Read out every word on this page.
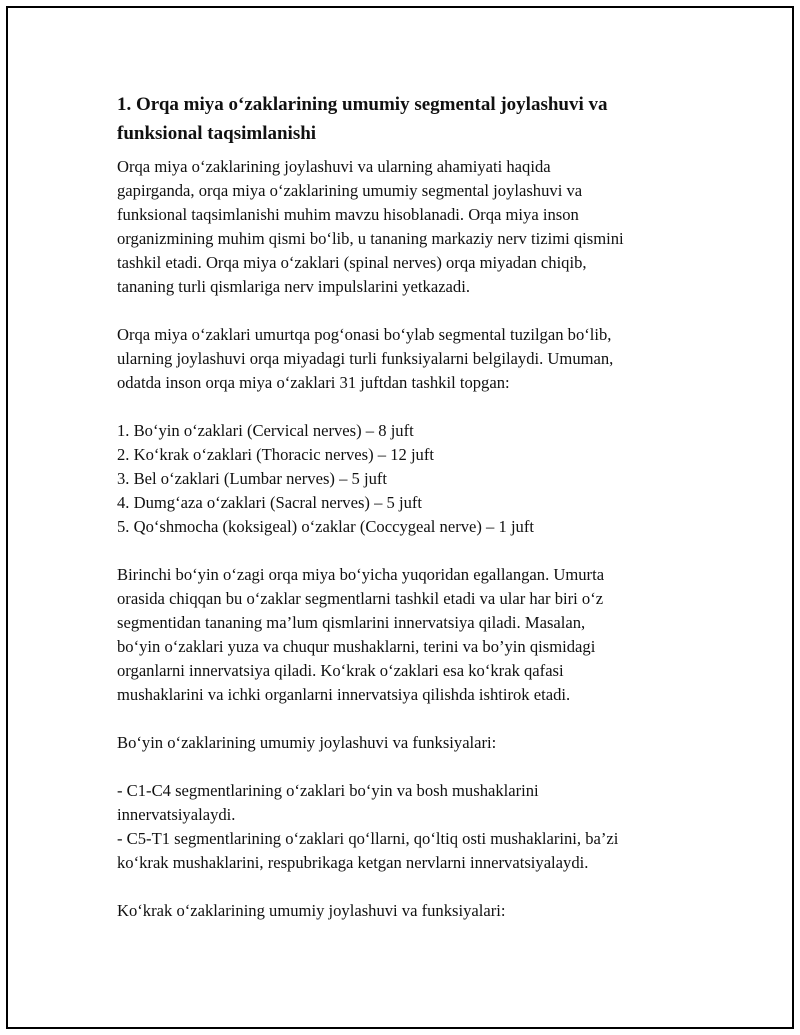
1. Orqa miya o‘zaklarining umumiy segmental joylashuvi va
funksional taqsimlanishi
Orqa miya o‘zaklarining joylashuvi va ularning ahamiyati haqida
gapirganda, orqa miya o‘zaklarining umumiy segmental joylashuvi va
funksional taqsimlanishi muhim mavzu hisoblanadi. Orqa miya inson
organizmining muhim qismi bo‘lib, u tananing markaziy nerv tizimi qismini
tashkil etadi. Orqa miya o‘zaklari (spinal nerves) orqa miyadan chiqib,
tananing turli qismlariga nerv impulslarini yetkazadi.
Orqa miya o‘zaklari umurtqa pog‘onasi bo‘ylab segmental tuzilgan bo‘lib,
ularning joylashuvi orqa miyadagi turli funksiyalarni belgilaydi. Umuman,
odatda inson orqa miya o‘zaklari 31 juftdan tashkil topgan:
1. Bo‘yin o‘zaklari (Cervical nerves) – 8 juft
2. Ko‘krak o‘zaklari (Thoracic nerves) – 12 juft
3. Bel o‘zaklari (Lumbar nerves) – 5 juft
4. Dumg‘aza o‘zaklari (Sacral nerves) – 5 juft
5. Qo‘shmocha (koksigeal) o‘zaklar (Coccygeal nerve) – 1 juft
Birinchi bo‘yin o‘zagi orqa miya bo‘yicha yuqoridan egallangan. Umurta
orasida chiqqan bu o‘zaklar segmentlarni tashkil etadi va ular har biri o‘z
segmentidan tananing ma’lum qismlarini innervatsiya qiladi. Masalan,
bo‘yin o‘zaklari yuza va chuqur mushaklarni, terini va bo’yin qismidagi
organlarni innervatsiya qiladi. Ko‘krak o‘zaklari esa ko‘krak qafasi
mushaklarini va ichki organlarni innervatsiya qilishda ishtirok etadi.
Bo‘yin o‘zaklarining umumiy joylashuvi va funksiyalari:
- C1-C4 segmentlarining o‘zaklari bo‘yin va bosh mushaklarini
innervatsiyalaydi.
- C5-T1 segmentlarining o‘zaklari qo‘llarni, qo‘ltiq osti mushaklarini, ba’zi
ko‘krak mushaklarini, respubrikaga ketgan nervlarni innervatsiyalaydi.
Ko‘krak o‘zaklarining umumiy joylashuvi va funksiyalari:
